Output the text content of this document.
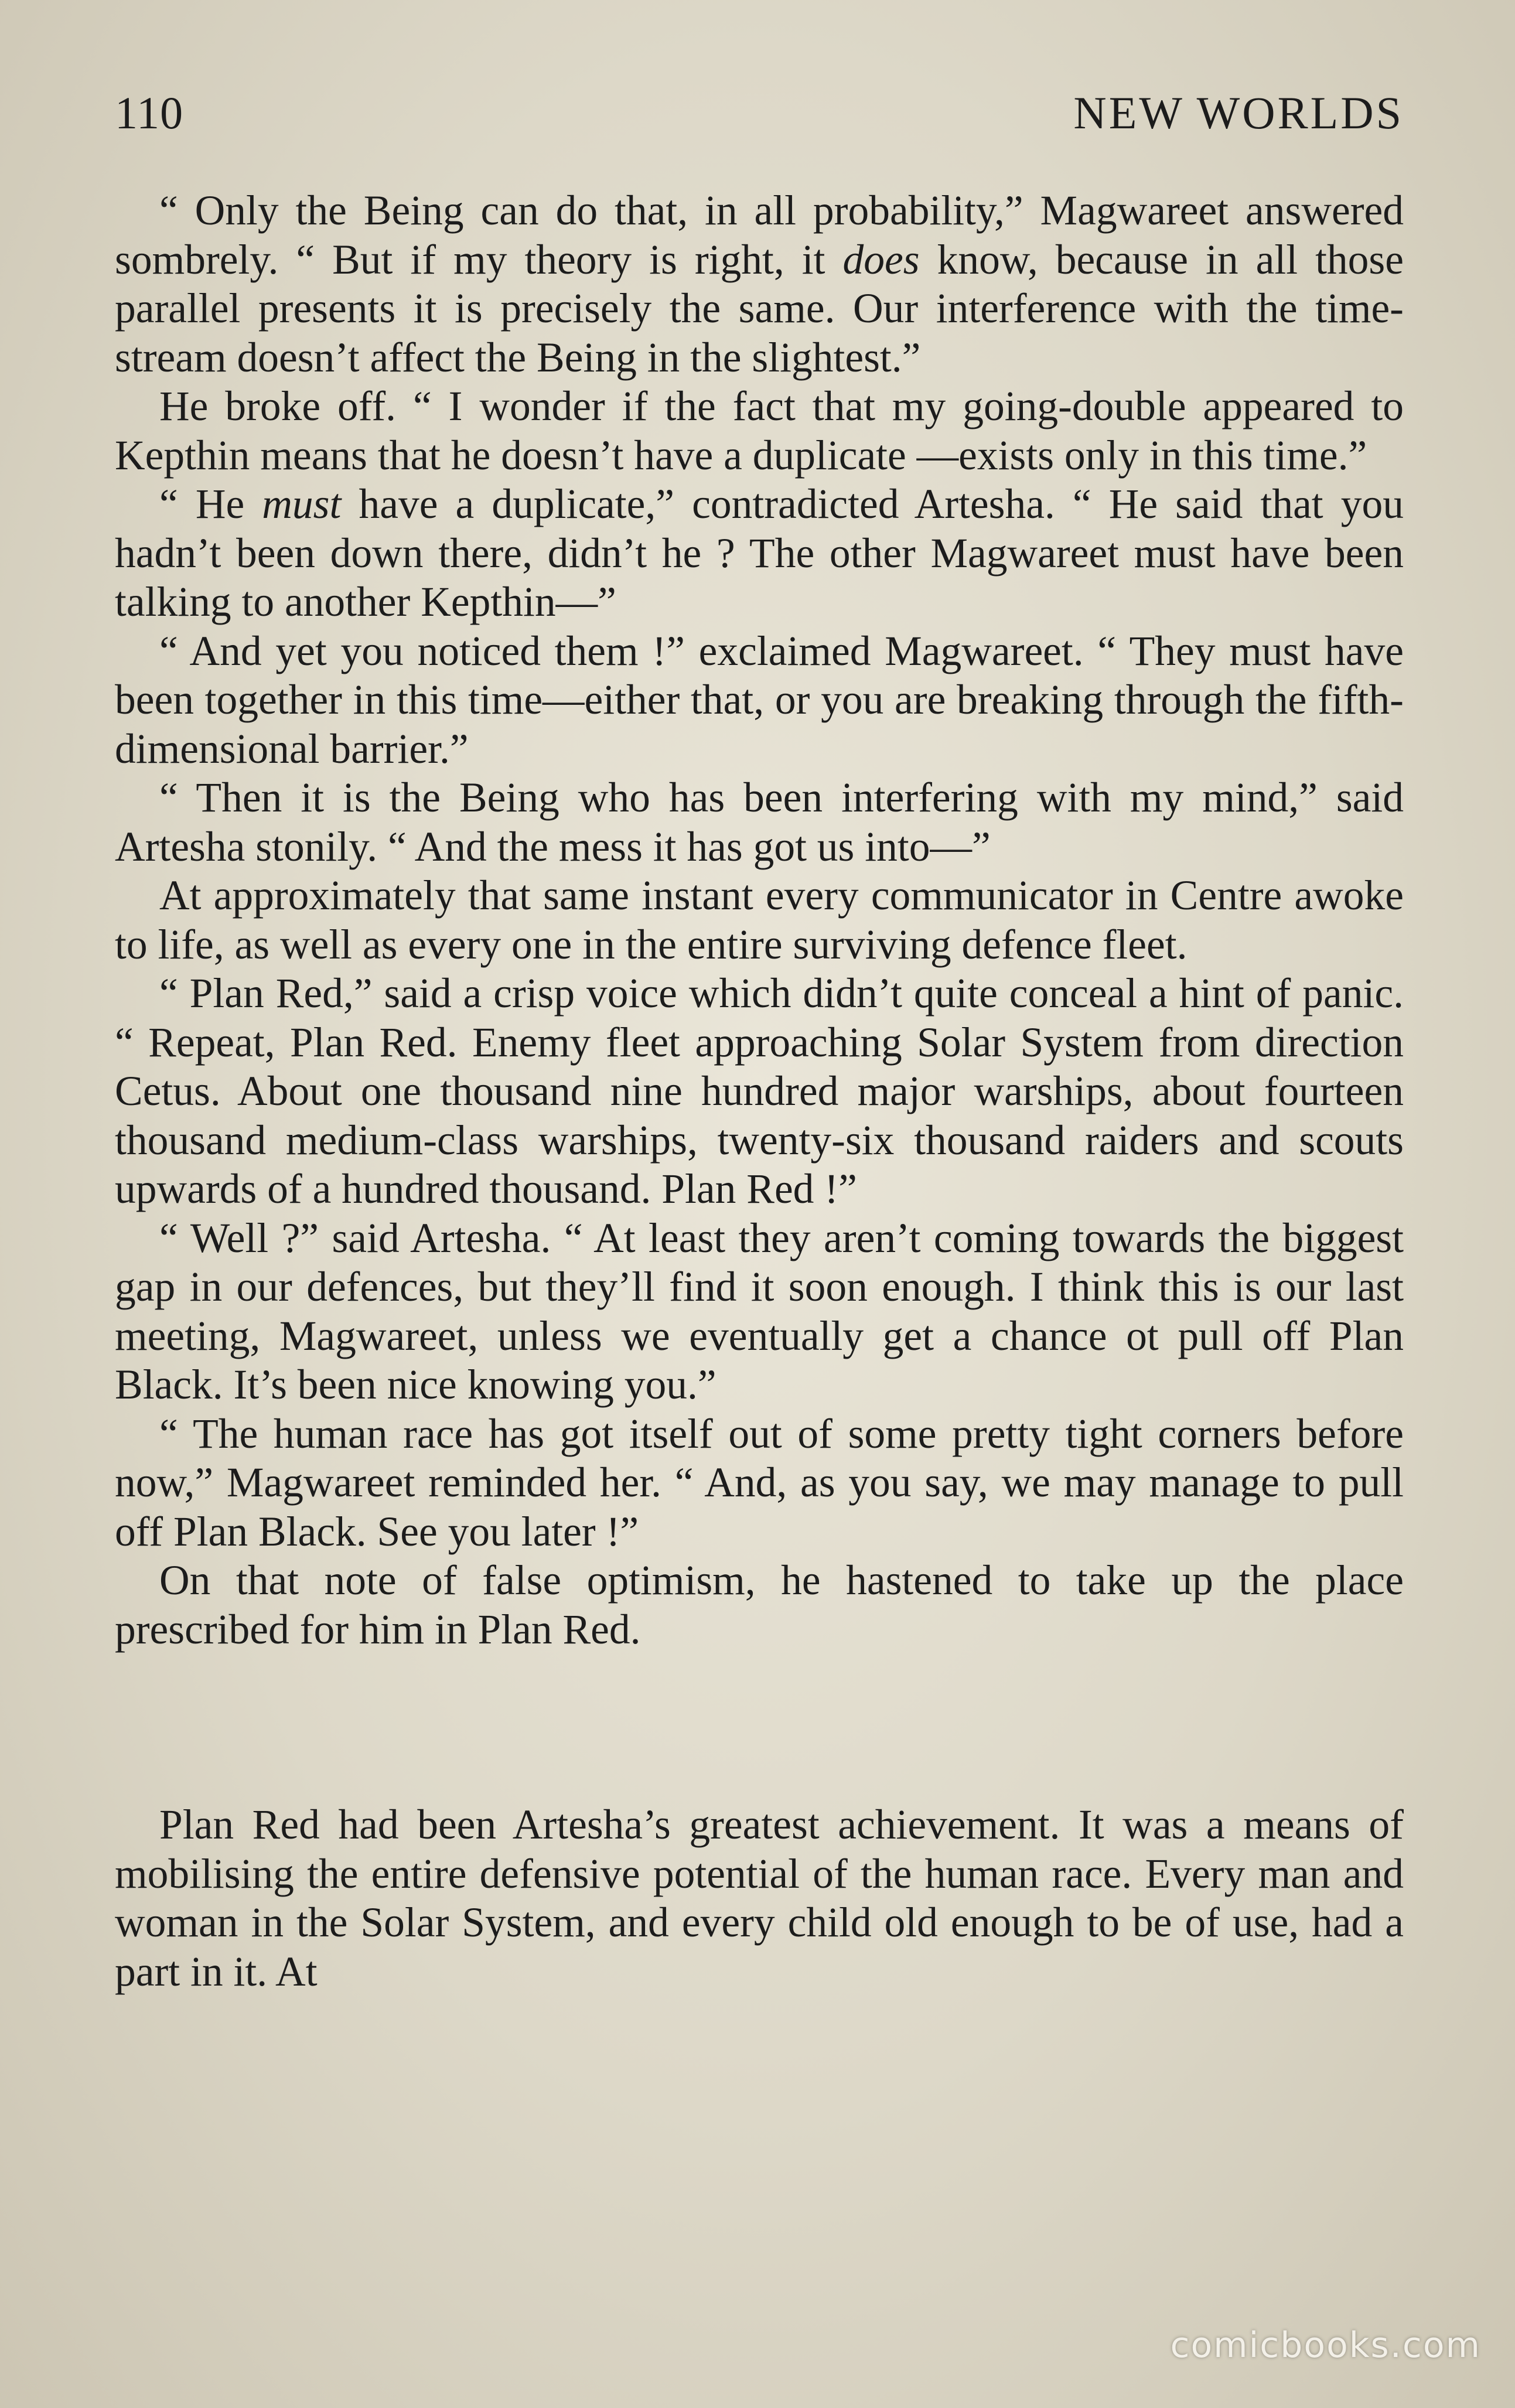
110	NEW WORLDS

“ Only the Being can do that, in all probability,” Magwareet answered sombrely. “ But if my theory is right, it does know, because in all those parallel presents it is precisely the same. Our interference with the time-stream doesn’t affect the Being in the slightest.”

He broke off. “ I wonder if the fact that my going-double appeared to Kepthin means that he doesn’t have a duplicate —exists only in this time.”

“ He must have a duplicate,” contradicted Artesha. “ He said that you hadn’t been down there, didn’t he ? The other Magwareet must have been talking to another Kepthin—”

“ And yet you noticed them !” exclaimed Magwareet. “ They must have been together in this time—either that, or you are breaking through the fifth-dimensional barrier.”

“ Then it is the Being who has been interfering with my mind,” said Artesha stonily. “ And the mess it has got us into—”

At approximately that same instant every communicator in Centre awoke to life, as well as every one in the entire surviving defence fleet.

“ Plan Red,” said a crisp voice which didn’t quite conceal a hint of panic. “ Repeat, Plan Red. Enemy fleet approaching Solar System from direction Cetus. About one thousand nine hundred major warships, about fourteen thousand medium-class warships, twenty-six thousand raiders and scouts upwards of a hundred thousand. Plan Red !”

“ Well ?” said Artesha. “ At least they aren’t coming towards the biggest gap in our defences, but they’ll find it soon enough. I think this is our last meeting, Magwareet, unless we eventually get a chance ot pull off Plan Black. It’s been nice knowing you.”

“ The human race has got itself out of some pretty tight corners before now,” Magwareet reminded her. “ And, as you say, we may manage to pull off Plan Black. See you later !”

On that note of false optimism, he hastened to take up the place prescribed for him in Plan Red.

Plan Red had been Artesha’s greatest achievement. It was a means of mobilising the entire defensive potential of the human race. Every man and woman in the Solar System, and every child old enough to be of use, had a part in it. At

comicbooks.com
